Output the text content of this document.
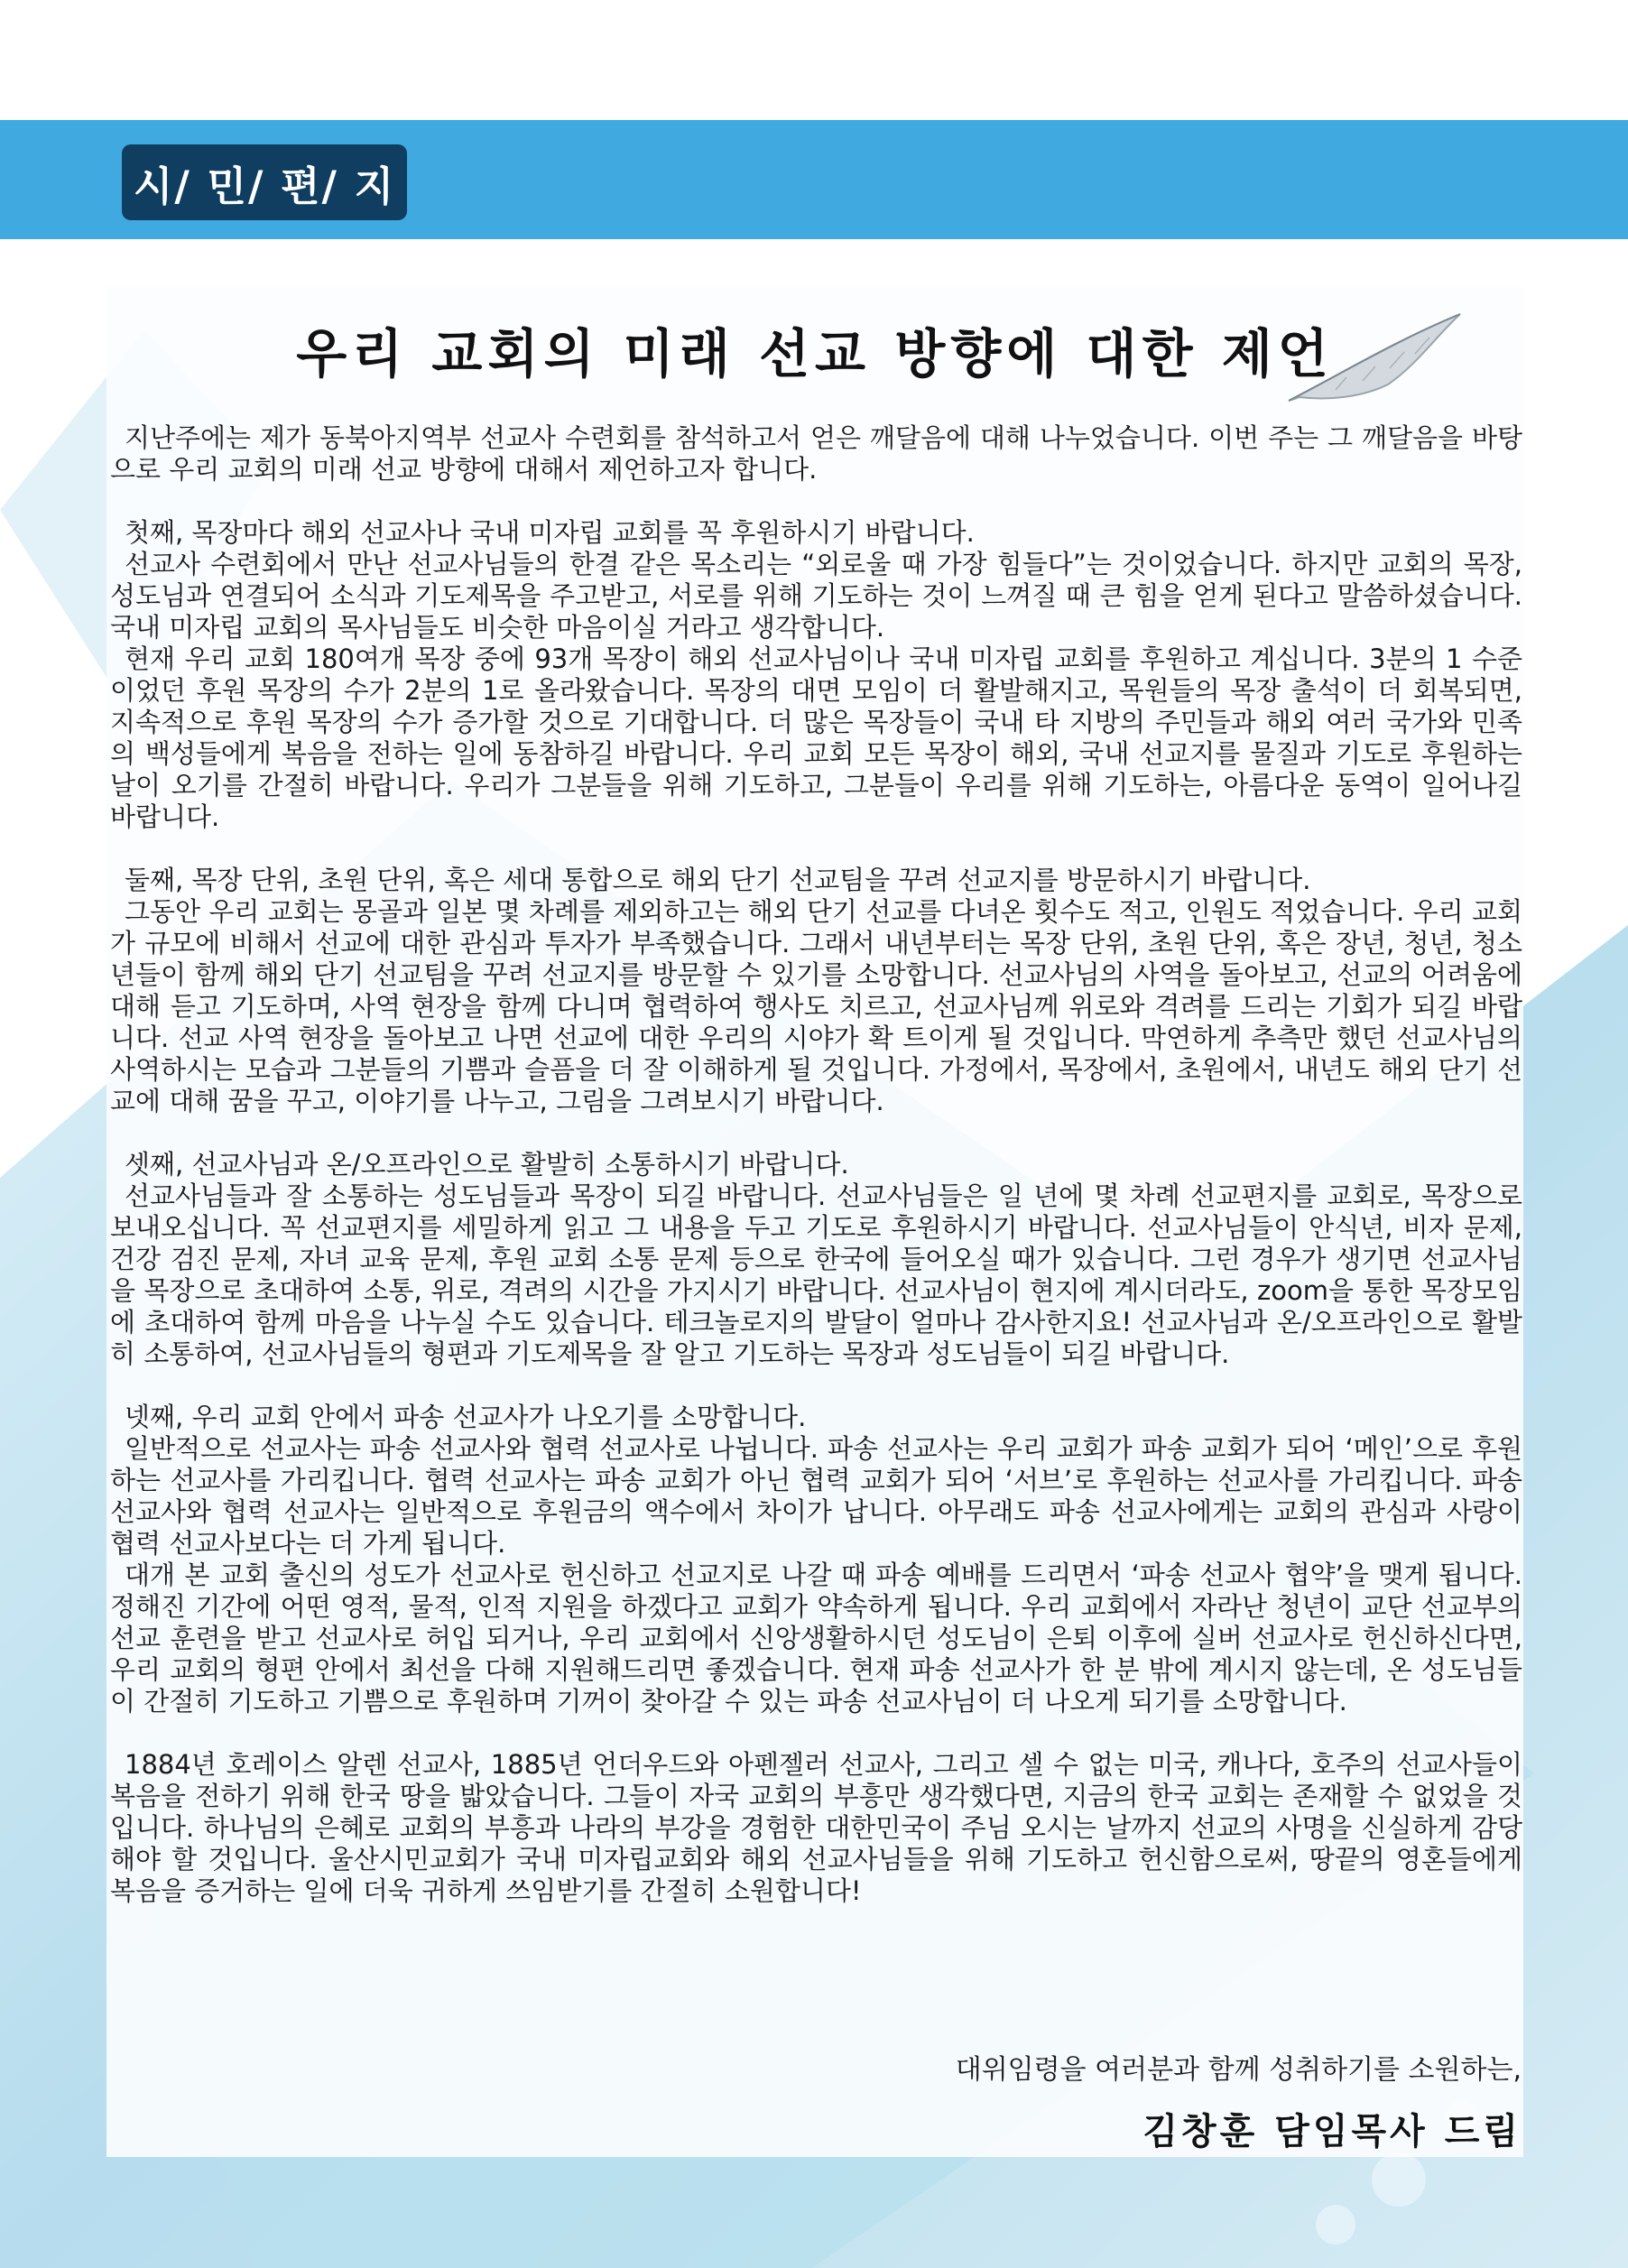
시/ 민/ 편/ 지
우리 교회의 미래 선교 방향에 대한 제언

지난주에는 제가 동북아지역부 선교사 수련회를 참석하고서 얻은 깨달음에 대해 나누었습니다. 이번 주는 그 깨달음을 바탕으로 우리 교회의 미래 선교 방향에 대해서 제언하고자 합니다.

첫째, 목장마다 해외 선교사나 국내 미자립 교회를 꼭 후원하시기 바랍니다.

선교사 수련회에서 만난 선교사님들의 한결 같은 목소리는 “외로울 때 가장 힘들다”는 것이었습니다. 하지만 교회의 목장, 성도님과 연결되어 소식과 기도제목을 주고받고, 서로를 위해 기도하는 것이 느껴질 때 큰 힘을 얻게 된다고 말씀하셨습니다. 국내 미자립 교회의 목사님들도 비슷한 마음이실 거라고 생각합니다.

현재 우리 교회 180여개 목장 중에 93개 목장이 해외 선교사님이나 국내 미자립 교회를 후원하고 계십니다. 3분의 1 수준이었던 후원 목장의 수가 2분의 1로 올라왔습니다. 목장의 대면 모임이 더 활발해지고, 목원들의 목장 출석이 더 회복되면, 지속적으로 후원 목장의 수가 증가할 것으로 기대합니다. 더 많은 목장들이 국내 타 지방의 주민들과 해외 여러 국가와 민족의 백성들에게 복음을 전하는 일에 동참하길 바랍니다. 우리 교회 모든 목장이 해외, 국내 선교지를 물질과 기도로 후원하는 날이 오기를 간절히 바랍니다. 우리가 그분들을 위해 기도하고, 그분들이 우리를 위해 기도하는, 아름다운 동역이 일어나길 바랍니다.

둘째, 목장 단위, 초원 단위, 혹은 세대 통합으로 해외 단기 선교팀을 꾸려 선교지를 방문하시기 바랍니다.

그동안 우리 교회는 몽골과 일본 몇 차례를 제외하고는 해외 단기 선교를 다녀온 횟수도 적고, 인원도 적었습니다. 우리 교회가 규모에 비해서 선교에 대한 관심과 투자가 부족했습니다. 그래서 내년부터는 목장 단위, 초원 단위, 혹은 장년, 청년, 청소년들이 함께 해외 단기 선교팀을 꾸려 선교지를 방문할 수 있기를 소망합니다. 선교사님의 사역을 돌아보고, 선교의 어려움에 대해 듣고 기도하며, 사역 현장을 함께 다니며 협력하여 행사도 치르고, 선교사님께 위로와 격려를 드리는 기회가 되길 바랍니다. 선교 사역 현장을 돌아보고 나면 선교에 대한 우리의 시야가 확 트이게 될 것입니다. 막연하게 추측만 했던 선교사님의 사역하시는 모습과 그분들의 기쁨과 슬픔을 더 잘 이해하게 될 것입니다. 가정에서, 목장에서, 초원에서, 내년도 해외 단기 선교에 대해 꿈을 꾸고, 이야기를 나누고, 그림을 그려보시기 바랍니다.

셋째, 선교사님과 온/오프라인으로 활발히 소통하시기 바랍니다.

선교사님들과 잘 소통하는 성도님들과 목장이 되길 바랍니다. 선교사님들은 일 년에 몇 차례 선교편지를 교회로, 목장으로 보내오십니다. 꼭 선교편지를 세밀하게 읽고 그 내용을 두고 기도로 후원하시기 바랍니다. 선교사님들이 안식년, 비자 문제, 건강 검진 문제, 자녀 교육 문제, 후원 교회 소통 문제 등으로 한국에 들어오실 때가 있습니다. 그런 경우가 생기면 선교사님을 목장으로 초대하여 소통, 위로, 격려의 시간을 가지시기 바랍니다. 선교사님이 현지에 계시더라도, zoom을 통한 목장모임에 초대하여 함께 마음을 나누실 수도 있습니다. 테크놀로지의 발달이 얼마나 감사한지요! 선교사님과 온/오프라인으로 활발히 소통하여, 선교사님들의 형편과 기도제목을 잘 알고 기도하는 목장과 성도님들이 되길 바랍니다.

넷째, 우리 교회 안에서 파송 선교사가 나오기를 소망합니다.

일반적으로 선교사는 파송 선교사와 협력 선교사로 나뉩니다. 파송 선교사는 우리 교회가 파송 교회가 되어 ‘메인’으로 후원하는 선교사를 가리킵니다. 협력 선교사는 파송 교회가 아닌 협력 교회가 되어 ‘서브’로 후원하는 선교사를 가리킵니다. 파송 선교사와 협력 선교사는 일반적으로 후원금의 액수에서 차이가 납니다. 아무래도 파송 선교사에게는 교회의 관심과 사랑이 협력 선교사보다는 더 가게 됩니다.

대개 본 교회 출신의 성도가 선교사로 헌신하고 선교지로 나갈 때 파송 예배를 드리면서 ‘파송 선교사 협약’을 맺게 됩니다. 정해진 기간에 어떤 영적, 물적, 인적 지원을 하겠다고 교회가 약속하게 됩니다. 우리 교회에서 자라난 청년이 교단 선교부의 선교 훈련을 받고 선교사로 허입 되거나, 우리 교회에서 신앙생활하시던 성도님이 은퇴 이후에 실버 선교사로 헌신하신다면, 우리 교회의 형편 안에서 최선을 다해 지원해드리면 좋겠습니다. 현재 파송 선교사가 한 분 밖에 계시지 않는데, 온 성도님들이 간절히 기도하고 기쁨으로 후원하며 기꺼이 찾아갈 수 있는 파송 선교사님이 더 나오게 되기를 소망합니다.

1884년 호레이스 알렌 선교사, 1885년 언더우드와 아펜젤러 선교사, 그리고 셀 수 없는 미국, 캐나다, 호주의 선교사들이 복음을 전하기 위해 한국 땅을 밟았습니다. 그들이 자국 교회의 부흥만 생각했다면, 지금의 한국 교회는 존재할 수 없었을 것입니다. 하나님의 은혜로 교회의 부흥과 나라의 부강을 경험한 대한민국이 주님 오시는 날까지 선교의 사명을 신실하게 감당해야 할 것입니다. 울산시민교회가 국내 미자립교회와 해외 선교사님들을 위해 기도하고 헌신함으로써, 땅끝의 영혼들에게 복음을 증거하는 일에 더욱 귀하게 쓰임받기를 간절히 소원합니다!

대위임령을 여러분과 함께 성취하기를 소원하는,
김창훈 담임목사 드림
